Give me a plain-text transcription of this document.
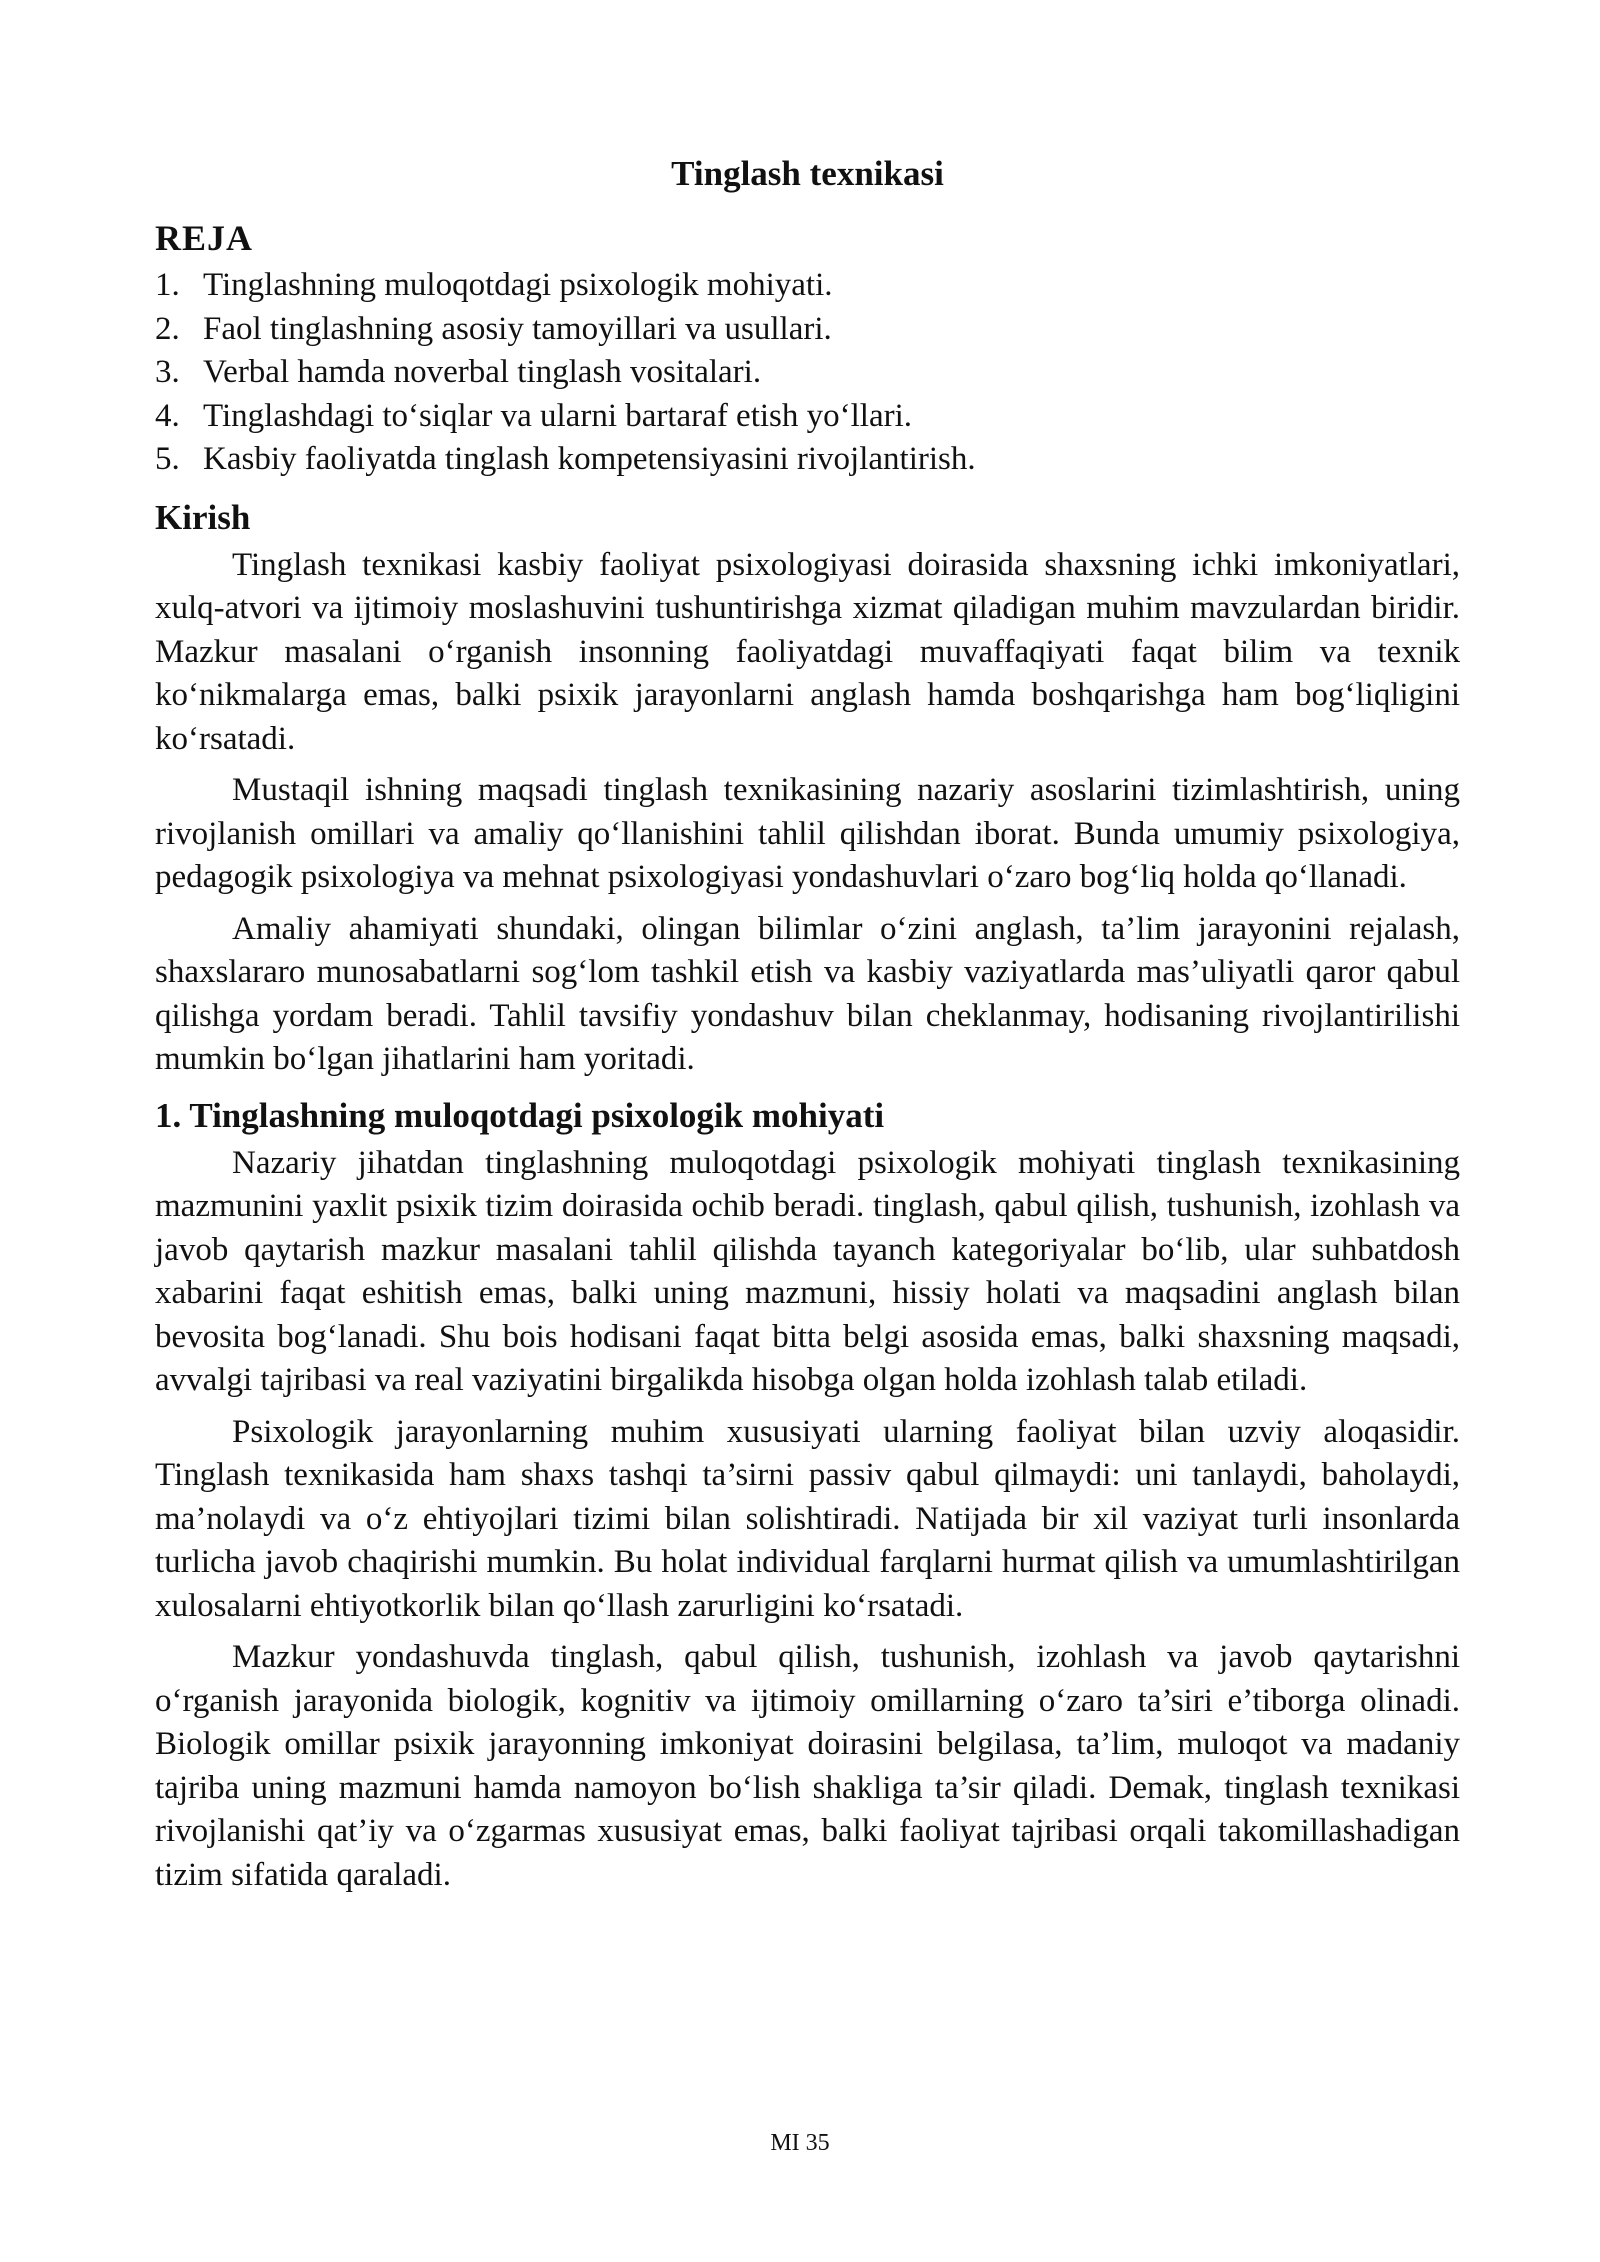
Tinglash texnikasi
REJA
1. Tinglashning muloqotdagi psixologik mohiyati.
2. Faol tinglashning asosiy tamoyillari va usullari.
3. Verbal hamda noverbal tinglash vositalari.
4. Tinglashdagi to‘siqlar va ularni bartaraf etish yo‘llari.
5. Kasbiy faoliyatda tinglash kompetensiyasini rivojlantirish.
Kirish

Tinglash texnikasi kasbiy faoliyat psixologiyasi doirasida shaxsning ichki imkoniyatlari, xulq-atvori va ijtimoiy moslashuvini tushuntirishga xizmat qiladigan muhim mavzulardan biridir. Mazkur masalani o‘rganish insonning faoliyatdagi muvaffaqiyati faqat bilim va texnik ko‘nikmalarga emas, balki psixik jarayonlarni anglash hamda boshqarishga ham bog‘liqligini ko‘rsatadi.

Mustaqil ishning maqsadi tinglash texnikasining nazariy asoslarini tizimlashtirish, uning rivojlanish omillari va amaliy qo‘llanishini tahlil qilishdan iborat. Bunda umumiy psixologiya, pedagogik psixologiya va mehnat psixologiyasi yondashuvlari o‘zaro bog‘liq holda qo‘llanadi.

Amaliy ahamiyati shundaki, olingan bilimlar o‘zini anglash, ta’lim jarayonini rejalash, shaxslararo munosabatlarni sog‘lom tashkil etish va kasbiy vaziyatlarda mas’uliyatli qaror qabul qilishga yordam beradi. Tahlil tavsifiy yondashuv bilan cheklanmay, hodisaning rivojlantirilishi mumkin bo‘lgan jihatlarini ham yoritadi.

1. Tinglashning muloqotdagi psixologik mohiyati

Nazariy jihatdan tinglashning muloqotdagi psixologik mohiyati tinglash texnikasining mazmunini yaxlit psixik tizim doirasida ochib beradi. tinglash, qabul qilish, tushunish, izohlash va javob qaytarish mazkur masalani tahlil qilishda tayanch kategoriyalar bo‘lib, ular suhbatdosh xabarini faqat eshitish emas, balki uning mazmuni, hissiy holati va maqsadini anglash bilan bevosita bog‘lanadi. Shu bois hodisani faqat bitta belgi asosida emas, balki shaxsning maqsadi, avvalgi tajribasi va real vaziyatini birgalikda hisobga olgan holda izohlash talab etiladi.

Psixologik jarayonlarning muhim xususiyati ularning faoliyat bilan uzviy aloqasidir. Tinglash texnikasida ham shaxs tashqi ta’sirni passiv qabul qilmaydi: uni tanlaydi, baholaydi, ma’nolaydi va o‘z ehtiyojlari tizimi bilan solishtiradi. Natijada bir xil vaziyat turli insonlarda turlicha javob chaqirishi mumkin. Bu holat individual farqlarni hurmat qilish va umumlashtirilgan xulosalarni ehtiyotkorlik bilan qo‘llash zarurligini ko‘rsatadi.

Mazkur yondashuvda tinglash, qabul qilish, tushunish, izohlash va javob qaytarishni o‘rganish jarayonida biologik, kognitiv va ijtimoiy omillarning o‘zaro ta’siri e’tiborga olinadi. Biologik omillar psixik jarayonning imkoniyat doirasini belgilasa, ta’lim, muloqot va madaniy tajriba uning mazmuni hamda namoyon bo‘lish shakliga ta’sir qiladi. Demak, tinglash texnikasi rivojlanishi qat’iy va o‘zgarmas xususiyat emas, balki faoliyat tajribasi orqali takomillashadigan tizim sifatida qaraladi.

MI 35
